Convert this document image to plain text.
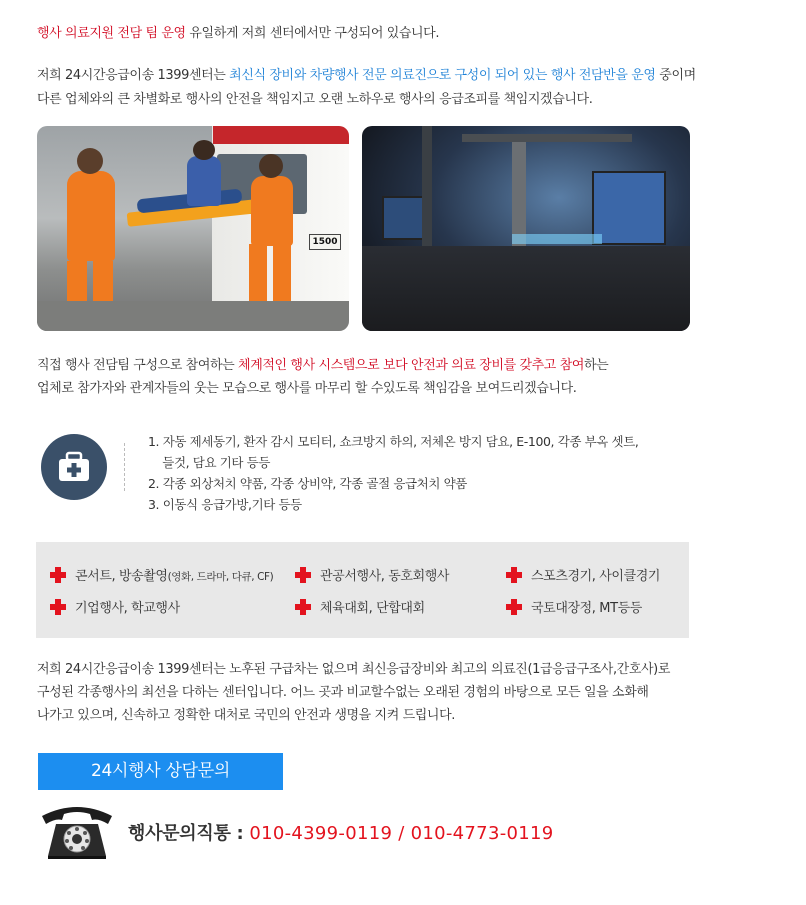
행사 의료지원 전담 팀 운영 유일하게 저희 센터에서만 구성되어 있습니다.
저희 24시간응급이송 1399센터는 최신식 장비와 차량행사 전문 의료진으로 구성이 되어 있는 행사 전담반을 운영 중이며
다른 업체와의 큰 차별화로 행사의 안전을 책임지고 오랜 노하우로 행사의 응급조피를 책임지겠습니다.
1500
직접 행사 전담팀 구성으로 참여하는 체계적인 행사 시스템으로 보다 안전과 의료 장비를 갖추고 참여하는
업체로 참가자와 관계자들의 웃는 모습으로 행사를 마무리 할 수있도록 책임감을 보여드리겠습니다.
1. 자동 제세동기, 환자 감시 모티터, 쇼크방지 하의, 저체온 방지 담요, E-100, 각종 부옥 셋트,
들것, 담요 기타 등등
2. 각종 외상처치 약품, 각종 상비약, 각종 골절 응급처치 약품
3. 이동식 응급가방,기타 등등
콘서트, 방송촬영(영화, 드라마, 다큐, CF)	관공서행사, 동호회행사	스포츠경기, 사이클경기
기업행사, 학교행사	체육대회, 단합대회	국토대장정, MT등등
저희 24시간응급이송 1399센터는 노후된 구급차는 없으며 최신응급장비와 최고의 의료진(1급응급구조사,간호사)로
구성된 각종행사의 최선을 다하는 센터입니다. 어느 곳과 비교할수없는 오래된 경험의 바탕으로 모든 일을 소화해
나가고 있으며, 신속하고 정확한 대처로 국민의 안전과 생명을 지켜 드립니다.
24시행사 상담문의
행사문의직통 : 010-4399-0119 / 010-4773-0119
